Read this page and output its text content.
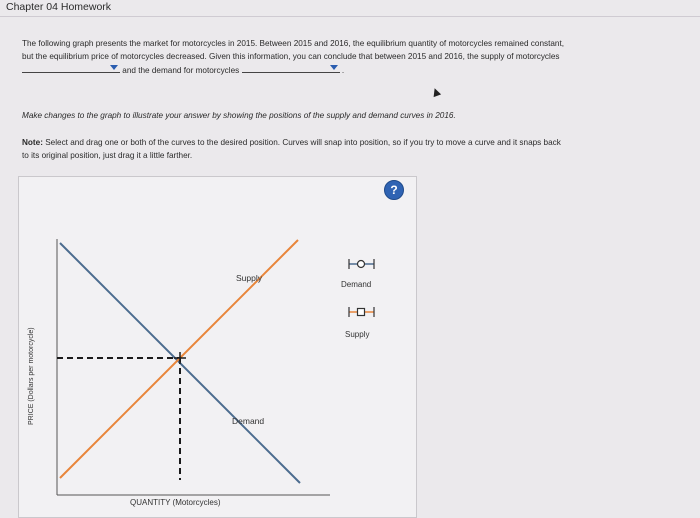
Chapter 04 Homework
The following graph presents the market for motorcycles in 2015. Between 2015 and 2016, the equilibrium quantity of motorcycles remained constant,
but the equilibrium price of motorcycles decreased. Given this information, you can conclude that between 2015 and 2016, the supply of motorcycles
and the demand for motorcycles	.
Make changes to the graph to illustrate your answer by showing the positions of the supply and demand curves in 2016.
Note: Select and drag one or both of the curves to the desired position. Curves will snap into position, so if you try to move a curve and it snaps back
to its original position, just drag it a little farther.
?
Supply
Demand
QUANTITY (Motorcycles)
PRICE (Dollars per motorcycle)
Demand
Supply
